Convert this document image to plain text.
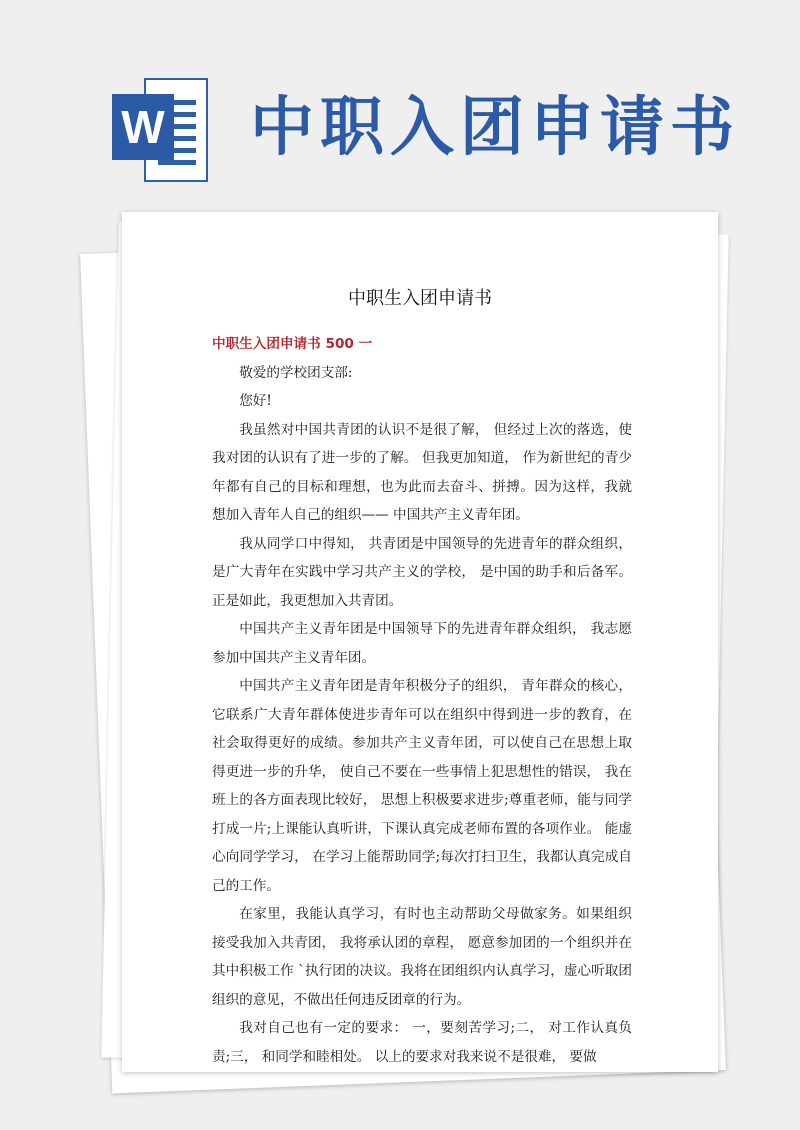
W 中职入团申请书
中职生入团申请书

中职生入团申请书 500 一

敬爱的学校团支部:

您好!

我虽然对中国共青团的认识不是很了解， 但经过上次的落选，使我对团的认识有了进一步的了解。 但我更加知道， 作为新世纪的青少年都有自己的目标和理想，也为此而去奋斗、拼搏。因为这样，我就想加入青年人自己的组织—— 中国共产主义青年团。

我从同学口中得知， 共青团是中国领导的先进青年的群众组织， 是广大青年在实践中学习共产主义的学校， 是中国的助手和后备军。正是如此，我更想加入共青团。

中国共产主义青年团是中国领导下的先进青年群众组织， 我志愿参加中国共产主义青年团。

中国共产主义青年团是青年积极分子的组织， 青年群众的核心，它联系广大青年群体使进步青年可以在组织中得到进一步的教育，在社会取得更好的成绩。参加共产主义青年团，可以使自己在思想上取得更进一步的升华， 使自己不要在一些事情上犯思想性的错误， 我在班上的各方面表现比较好， 思想上积极要求进步;尊重老师，能与同学打成一片;上课能认真听讲，下课认真完成老师布置的各项作业。 能虚心向同学学习， 在学习上能帮助同学;每次打扫卫生，我都认真完成自己的工作。

在家里，我能认真学习，有时也主动帮助父母做家务。如果组织接受我加入共青团， 我将承认团的章程， 愿意参加团的一个组织并在其中积极工作 `执行团的决议。我将在团组织内认真学习，虚心听取团组织的意见，不做出任何违反团章的行为。

我对自己也有一定的要求： 一，要刻苦学习;二， 对工作认真负责;三， 和同学和睦相处。 以上的要求对我来说不是很难， 要做
